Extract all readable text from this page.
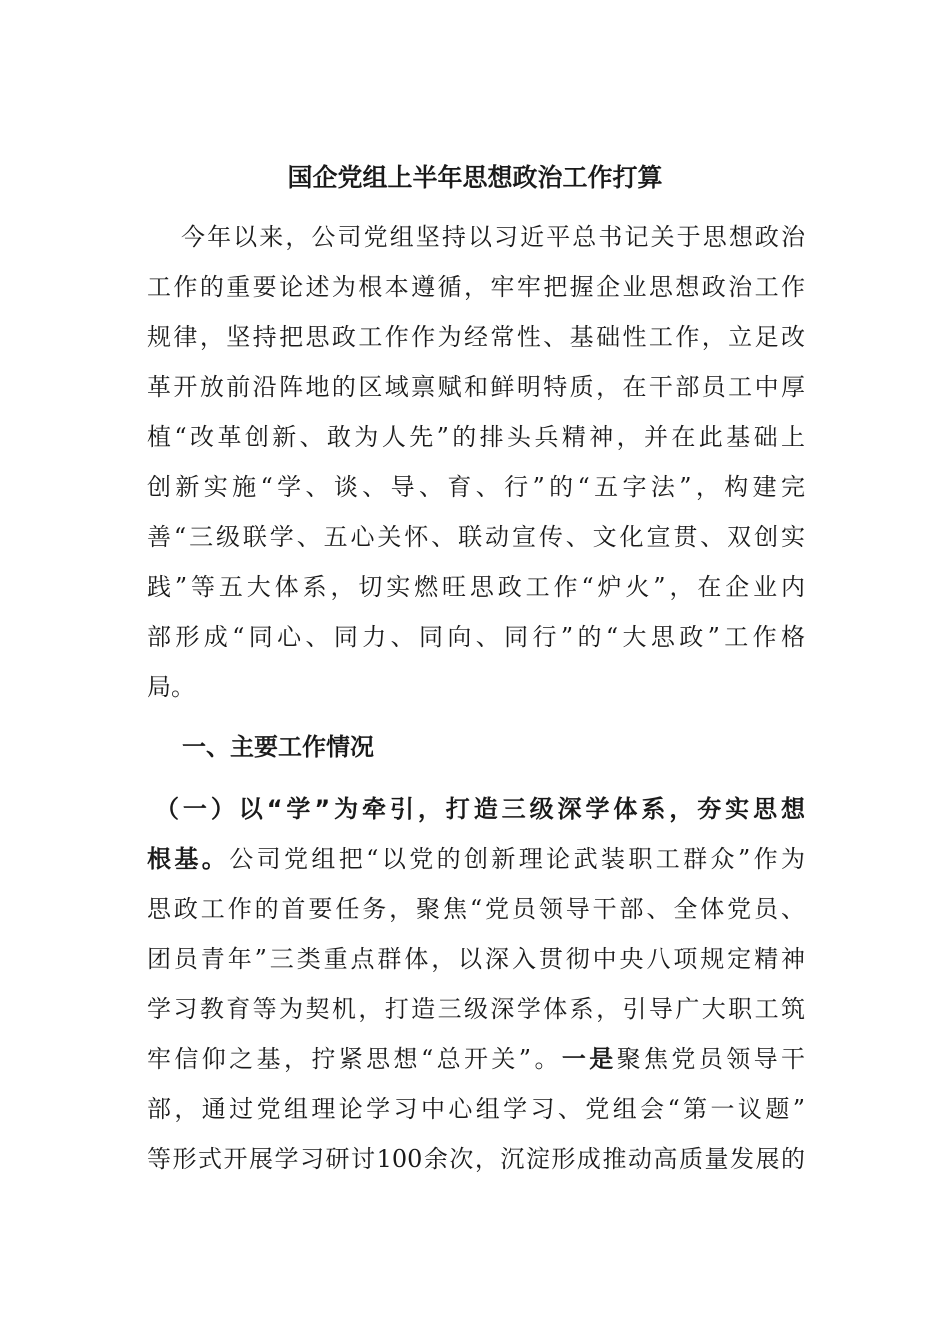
国企党组上半年思想政治工作打算
今年以来，公司党组坚持以习近平总书记关于思想政治
工作的重要论述为根本遵循，牢牢把握企业思想政治工作
规律，坚持把思政工作作为经常性、基础性工作，立足改
革开放前沿阵地的区域禀赋和鲜明特质，在干部员工中厚
植“改革创新、敢为人先”的排头兵精神，并在此基础上
创新实施“学、谈、导、育、行”的“五字法”，构建完
善“三级联学、五心关怀、联动宣传、文化宣贯、双创实
践”等五大体系，切实燃旺思政工作“炉火”，在企业内
部形成“同心、同力、同向、同行”的“大思政”工作格
局。
一、主要工作情况
（一）以“学”为牵引，打造三级深学体系，夯实思想
根基。公司党组把“以党的创新理论武装职工群众”作为
思政工作的首要任务，聚焦“党员领导干部、全体党员、
团员青年”三类重点群体，以深入贯彻中央八项规定精神
学习教育等为契机，打造三级深学体系，引导广大职工筑
牢信仰之基，拧紧思想“总开关”。一是聚焦党员领导干
部，通过党组理论学习中心组学习、党组会“第一议题”
等形式开展学习研讨100余次，沉淀形成推动高质量发展的
